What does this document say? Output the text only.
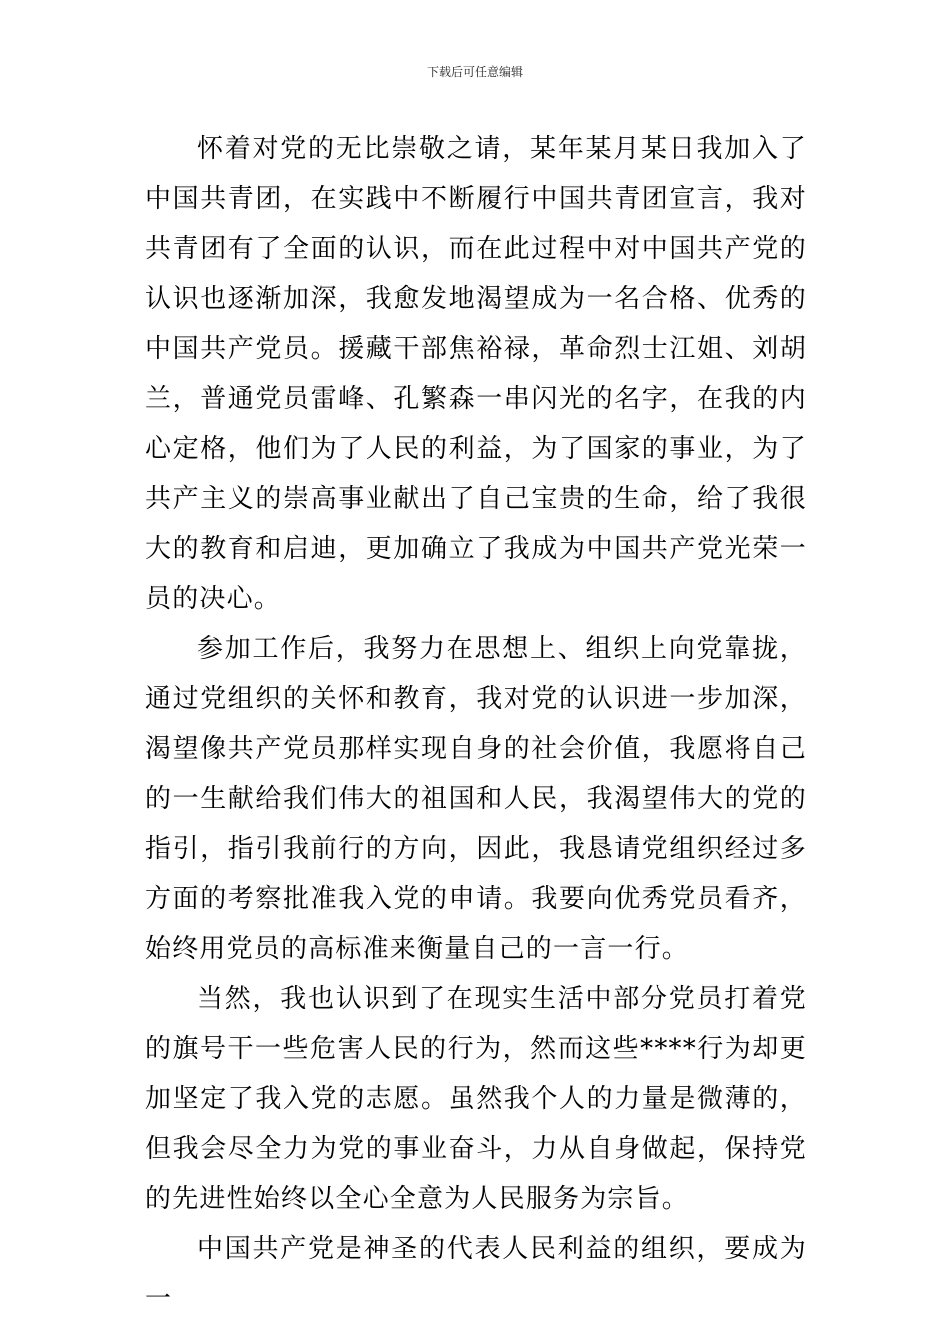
下载后可任意编辑

怀着对党的无比崇敬之请，某年某月某日我加入了中国共青团，在实践中不断履行中国共青团宣言，我对共青团有了全面的认识，而在此过程中对中国共产党的认识也逐渐加深，我愈发地渴望成为一名合格、优秀的中国共产党员。援藏干部焦裕禄，革命烈士江姐、刘胡兰，普通党员雷峰、孔繁森一串闪光的名字，在我的内心定格，他们为了人民的利益，为了国家的事业，为了共产主义的崇高事业献出了自己宝贵的生命，给了我很大的教育和启迪，更加确立了我成为中国共产党光荣一员的决心。

参加工作后，我努力在思想上、组织上向党靠拢，通过党组织的关怀和教育，我对党的认识进一步加深，渴望像共产党员那样实现自身的社会价值，我愿将自己的一生献给我们伟大的祖国和人民，我渴望伟大的党的指引，指引我前行的方向，因此，我恳请党组织经过多方面的考察批准我入党的申请。我要向优秀党员看齐，始终用党员的高标准来衡量自己的一言一行。

当然，我也认识到了在现实生活中部分党员打着党的旗号干一些危害人民的行为，然而这些****行为却更加坚定了我入党的志愿。虽然我个人的力量是微薄的，但我会尽全力为党的事业奋斗，力从自身做起，保持党的先进性始终以全心全意为人民服务为宗旨。

中国共产党是神圣的代表人民利益的组织，要成为一
